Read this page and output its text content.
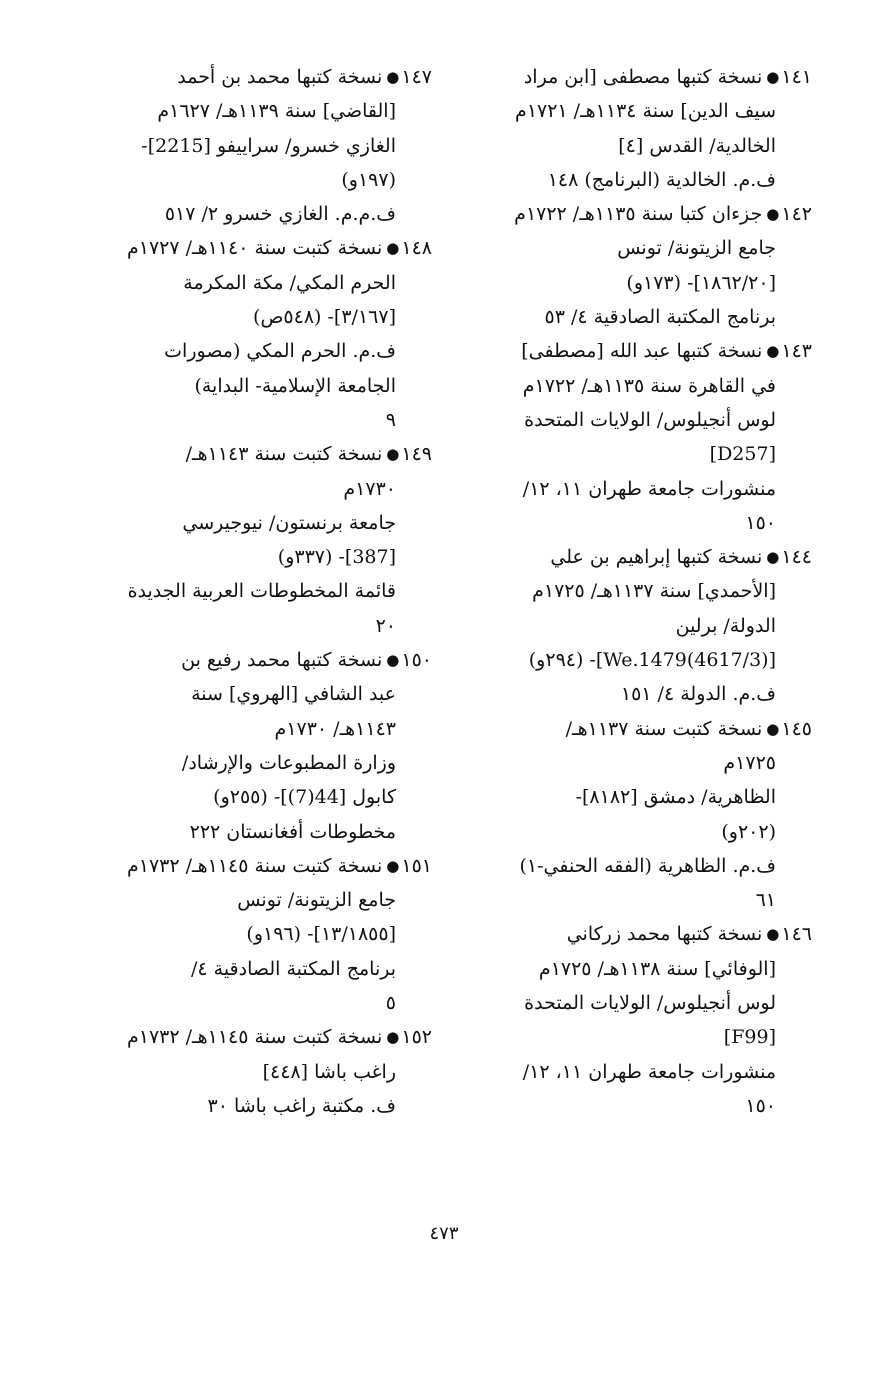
١٤١●نسخة كتبها مصطفى [ابن مراد
سيف الدين] سنة ١١٣٤هـ/ ١٧٢١م
الخالدية/ القدس [٤]
ف.م. الخالدية (البرنامج) ١٤٨
١٤٢●جزءان كتبا سنة ١١٣٥هـ/ ١٧٢٢م
جامع الزيتونة/ تونس
[١٨٦٢/٢٠]- (١٧٣و)
برنامج المكتبة الصادقية ٤/ ٥٣
١٤٣●نسخة كتبها عبد الله [مصطفى]
في القاهرة سنة ١١٣٥هـ/ ١٧٢٢م
لوس أنجيلوس/ الولايات المتحدة
[D257]
منشورات جامعة طهران ١١، ١٢/
١٥٠
١٤٤●نسخة كتبها إبراهيم بن علي
[الأحمدي] سنة ١١٣٧هـ/ ١٧٢٥م
الدولة/ برلين
[(4617/3)We.1479]- (٢٩٤و)
ف.م. الدولة ٤/ ١٥١
١٤٥●نسخة كتبت سنة ١١٣٧هـ/
١٧٢٥م
الظاهرية/ دمشق [٨١٨٢]-
(٢٠٢و)
ف.م. الظاهرية (الفقه الحنفي-١)
٦١
١٤٦●نسخة كتبها محمد زركاني
[الوفائي] سنة ١١٣٨هـ/ ١٧٢٥م
لوس أنجيلوس/ الولايات المتحدة
[F99]
منشورات جامعة طهران ١١، ١٢/
١٥٠
١٤٧●نسخة كتبها محمد بن أحمد
[القاضي] سنة ١١٣٩هـ/ ١٦٢٧م
الغازي خسرو/ سراييفو [2215]-
(١٩٧و)
ف.م.م. الغازي خسرو ٢/ ٥١٧
١٤٨●نسخة كتبت سنة ١١٤٠هـ/ ١٧٢٧م
الحرم المكي/ مكة المكرمة
[٣/١٦٧]- (٥٤٨ص)
ف.م. الحرم المكي (مصورات
الجامعة الإسلامية- البداية)
٩
١٤٩●نسخة كتبت سنة ١١٤٣هـ/
١٧٣٠م
جامعة برنستون/ نيوجيرسي
[387]- (٣٣٧و)
قائمة المخطوطات العربية الجديدة
٢٠
١٥٠●نسخة كتبها محمد رفيع بن
عبد الشافي [الهروي] سنة
١١٤٣هـ/ ١٧٣٠م
وزارة المطبوعات والإرشاد/
كابول [44(7)]- (٢٥٥و)
مخطوطات أفغانستان ٢٢٢
١٥١●نسخة كتبت سنة ١١٤٥هـ/ ١٧٣٢م
جامع الزيتونة/ تونس
[١٣/١٨٥٥]- (١٩٦و)
برنامج المكتبة الصادقية ٤/
٥
١٥٢●نسخة كتبت سنة ١١٤٥هـ/ ١٧٣٢م
راغب باشا [٤٤٨]
ف. مكتبة راغب باشا ٣٠
٤٧٣
